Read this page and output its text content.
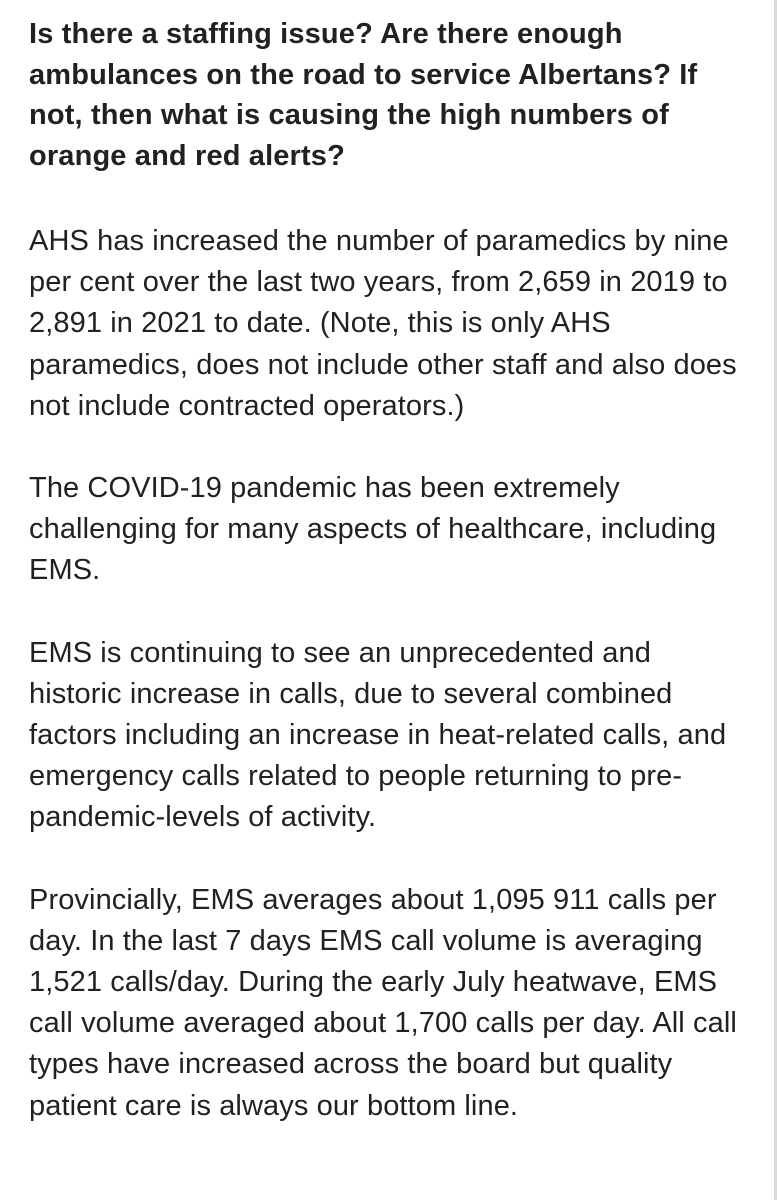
Is there a staffing issue? Are there enough ambulances on the road to service Albertans? If not, then what is causing the high numbers of orange and red alerts?

AHS has increased the number of paramedics by nine per cent over the last two years, from 2,659 in 2019 to 2,891 in 2021 to date. (Note, this is only AHS paramedics, does not include other staff and also does not include contracted operators.)

The COVID-19 pandemic has been extremely challenging for many aspects of healthcare, including EMS.

EMS is continuing to see an unprecedented and historic increase in calls, due to several combined factors including an increase in heat-related calls, and emergency calls related to people returning to pre-pandemic-levels of activity.

Provincially, EMS averages about 1,095 911 calls per day. In the last 7 days EMS call volume is averaging 1,521 calls/day. During the early July heatwave, EMS call volume averaged about 1,700 calls per day. All call types have increased across the board but quality patient care is always our bottom line.
